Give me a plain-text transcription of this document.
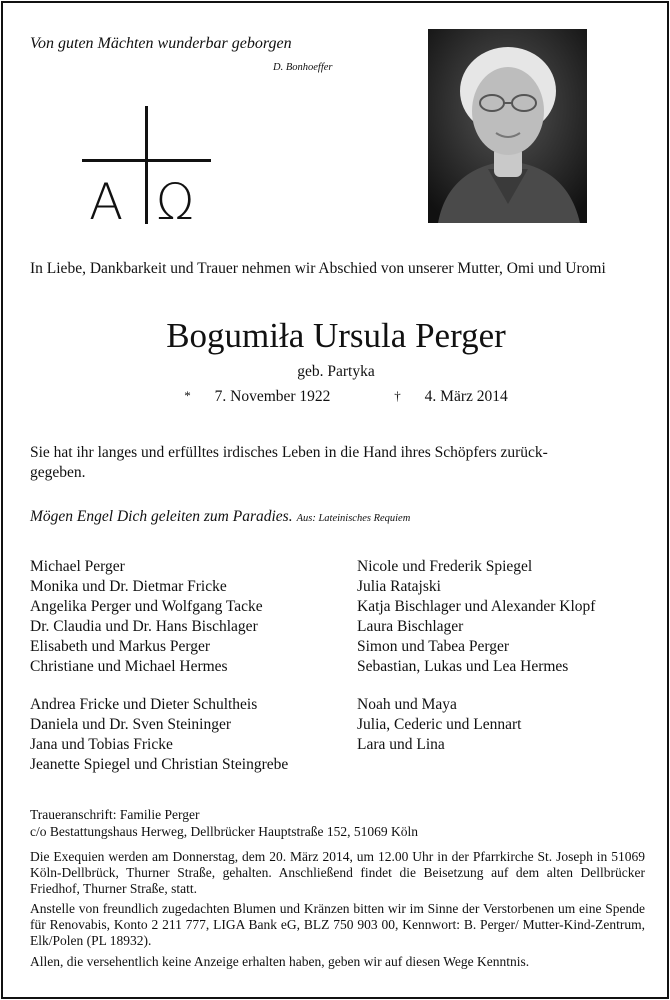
Von guten Mächten wunderbar geborgen
D. Bonhoeffer
A Ω
In Liebe, Dankbarkeit und Trauer nehmen wir Abschied von unserer Mutter, Omi und Uromi
Bogumiła Ursula Perger
geb. Partyka
* 7. November 1922	† 4. März 2014
Sie hat ihr langes und erfülltes irdisches Leben in die Hand ihres Schöpfers zurück-
gegeben.
Mögen Engel Dich geleiten zum Paradies. Aus: Lateinisches Requiem
Michael Perger
Monika und Dr. Dietmar Fricke
Angelika Perger und Wolfgang Tacke
Dr. Claudia und Dr. Hans Bischlager
Elisabeth und Markus Perger
Christiane und Michael Hermes
Nicole und Frederik Spiegel
Julia Ratajski
Katja Bischlager und Alexander Klopf
Laura Bischlager
Simon und Tabea Perger
Sebastian, Lukas und Lea Hermes
Andrea Fricke und Dieter Schultheis
Daniela und Dr. Sven Steininger
Jana und Tobias Fricke
Jeanette Spiegel und Christian Steingrebe
Noah und Maya
Julia, Cederic und Lennart
Lara und Lina
Traueranschrift: Familie Perger
c/o Bestattungshaus Herweg, Dellbrücker Hauptstraße 152, 51069 Köln
Die Exequien werden am Donnerstag, dem 20. März 2014, um 12.00 Uhr in der Pfarrkirche St. Joseph in 51069 Köln-Dellbrück, Thurner Straße, gehalten. Anschließend findet die Beisetzung auf dem alten Dellbrücker Friedhof, Thurner Straße, statt.
Anstelle von freundlich zugedachten Blumen und Kränzen bitten wir im Sinne der Verstorbenen um eine Spende für Renovabis, Konto 2 211 777, LIGA Bank eG, BLZ 750 903 00, Kennwort: B. Perger/ Mutter-Kind-Zentrum, Elk/Polen (PL 18932).
Allen, die versehentlich keine Anzeige erhalten haben, geben wir auf diesen Wege Kenntnis.
